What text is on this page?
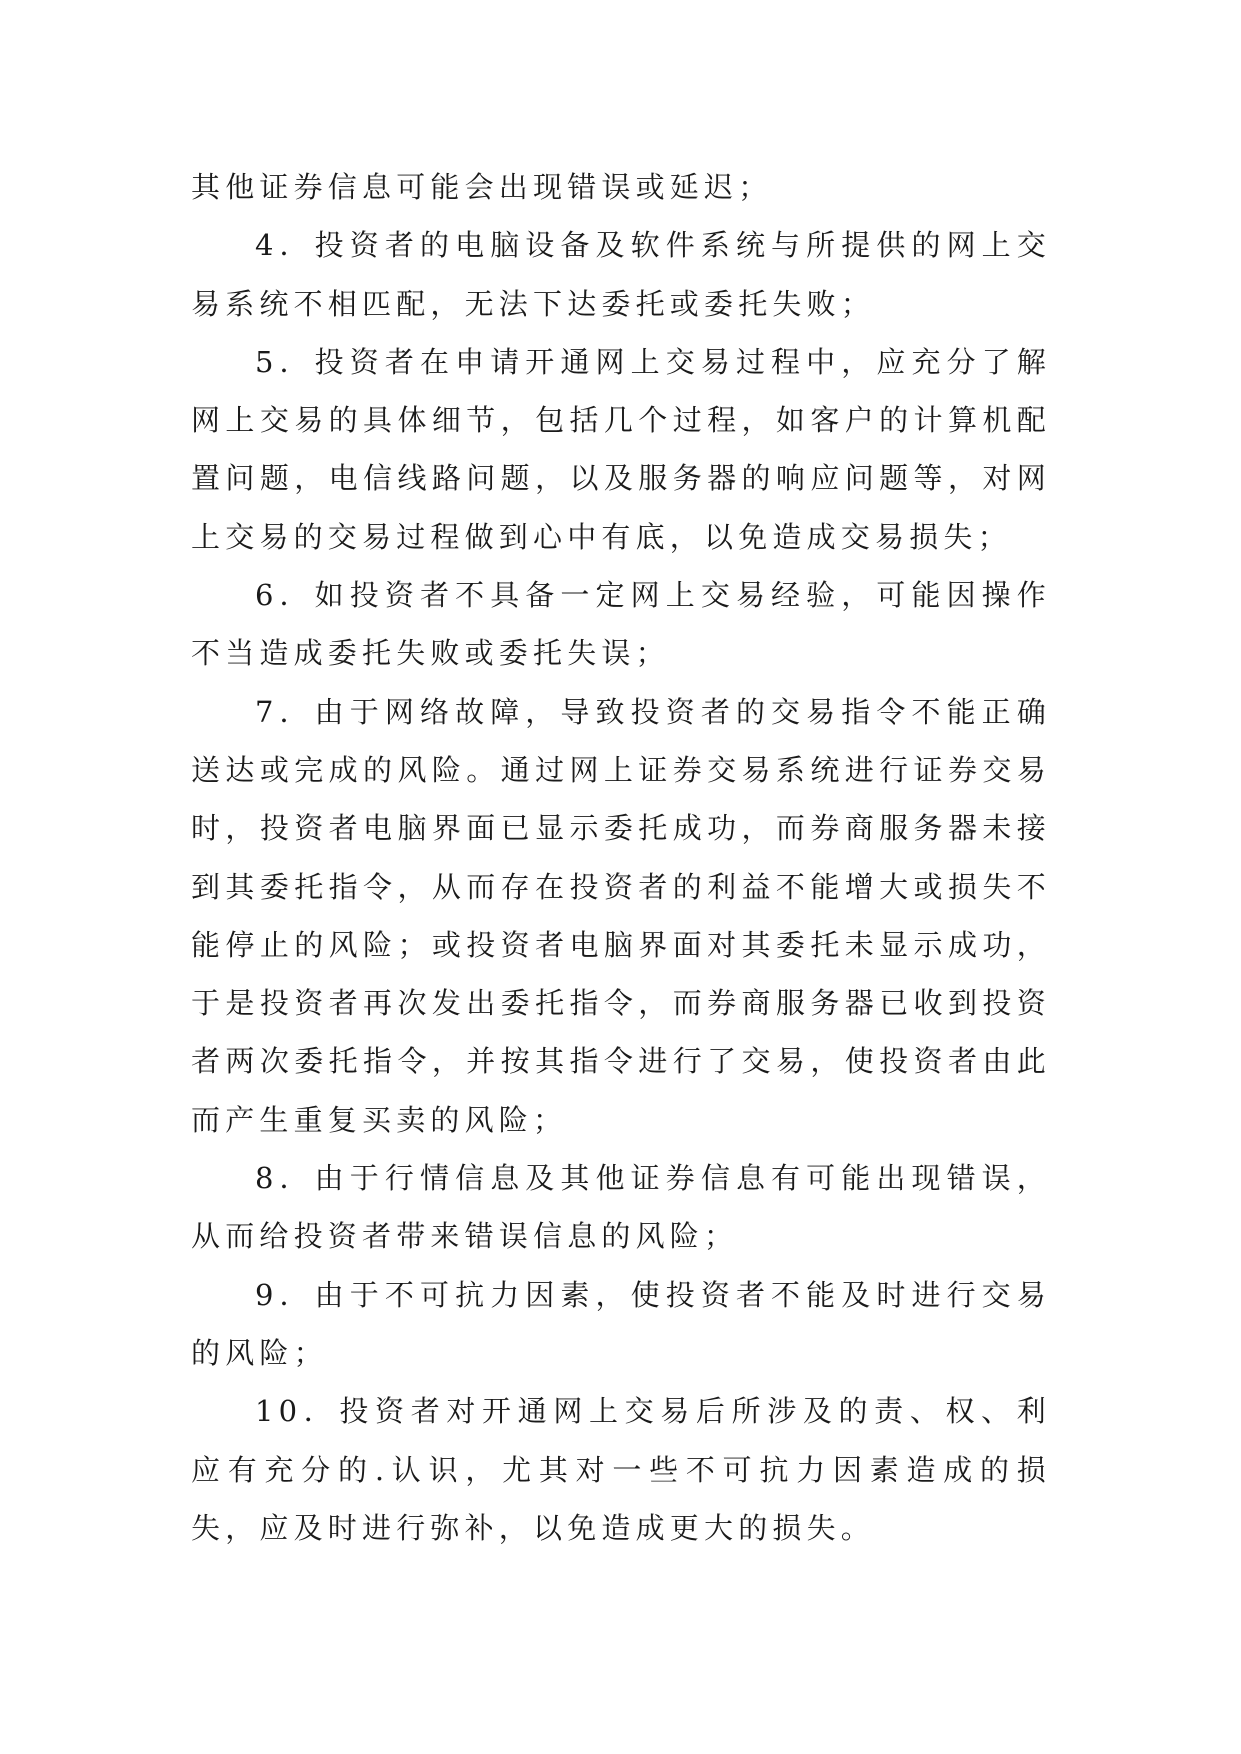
其他证券信息可能会出现错误或延迟；

4．投资者的电脑设备及软件系统与所提供的网上交易系统不相匹配，无法下达委托或委托失败；

5．投资者在申请开通网上交易过程中，应充分了解网上交易的具体细节，包括几个过程，如客户的计算机配置问题，电信线路问题，以及服务器的响应问题等，对网上交易的交易过程做到心中有底，以免造成交易损失；

6．如投资者不具备一定网上交易经验，可能因操作不当造成委托失败或委托失误；

7．由于网络故障，导致投资者的交易指令不能正确送达或完成的风险。通过网上证券交易系统进行证券交易时，投资者电脑界面已显示委托成功，而券商服务器未接到其委托指令，从而存在投资者的利益不能增大或损失不能停止的风险；或投资者电脑界面对其委托未显示成功，于是投资者再次发出委托指令，而券商服务器已收到投资者两次委托指令，并按其指令进行了交易，使投资者由此而产生重复买卖的风险；

8．由于行情信息及其他证券信息有可能出现错误，从而给投资者带来错误信息的风险；

9．由于不可抗力因素，使投资者不能及时进行交易的风险；

10．投资者对开通网上交易后所涉及的责、权、利应有充分的.认识，尤其对一些不可抗力因素造成的损失，应及时进行弥补，以免造成更大的损失。
